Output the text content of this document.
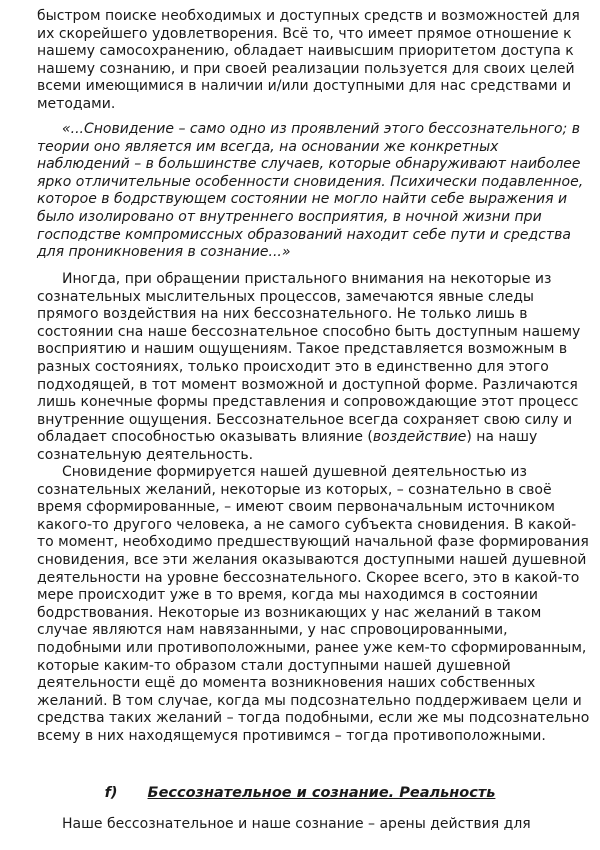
быстром поиске необходимых и доступных средств и возможностей для
их скорейшего удовлетворения. Всё то, что имеет прямое отношение к
нашему самосохранению, обладает наивысшим приоритетом доступа к
нашему сознанию, и при своей реализации пользуется для своих целей
всеми имеющимися в наличии и/или доступными для нас средствами и
методами.
«...Сновидение – само одно из проявлений этого бессознательного; в
теории оно является им всегда, на основании же конкретных
наблюдений – в большинстве случаев, которые обнаруживают наиболее
ярко отличительные особенности сновидения. Психически подавленное,
которое в бодрствующем состоянии не могло найти себе выражения и
было изолировано от внутреннего восприятия, в ночной жизни при
господстве компромиссных образований находит себе пути и средства
для проникновения в сознание...»
Иногда, при обращении пристального внимания на некоторые из
сознательных мыслительных процессов, замечаются явные следы
прямого воздействия на них бессознательного. Не только лишь в
состоянии сна наше бессознательное способно быть доступным нашему
восприятию и нашим ощущениям. Такое представляется возможным в
разных состояниях, только происходит это в единственно для этого
подходящей, в тот момент возможной и доступной форме. Различаются
лишь конечные формы представления и сопровождающие этот процесс
внутренние ощущения. Бессознательное всегда сохраняет свою силу и
обладает способностью оказывать влияние (воздействие) на нашу
сознательную деятельность.
Сновидение формируется нашей душевной деятельностью из
сознательных желаний, некоторые из которых, – сознательно в своё
время сформированные, – имеют своим первоначальным источником
какого-то другого человека, а не самого субъекта сновидения. В какой-
то момент, необходимо предшествующий начальной фазе формирования
сновидения, все эти желания оказываются доступными нашей душевной
деятельности на уровне бессознательного. Скорее всего, это в какой-то
мере происходит уже в то время, когда мы находимся в состоянии
бодрствования. Некоторые из возникающих у нас желаний в таком
случае являются нам навязанными, у нас спровоцированными,
подобными или противоположными, ранее уже кем-то сформированным,
которые каким-то образом стали доступными нашей душевной
деятельности ещё до момента возникновения наших собственных
желаний. В том случае, когда мы подсознательно поддерживаем цели и
средства таких желаний – тогда подобными, если же мы подсознательно
всему в них находящемуся противимся – тогда противоположными.
f) Бессознательное и сознание. Реальность
Наше бессознательное и наше сознание – арены действия для
